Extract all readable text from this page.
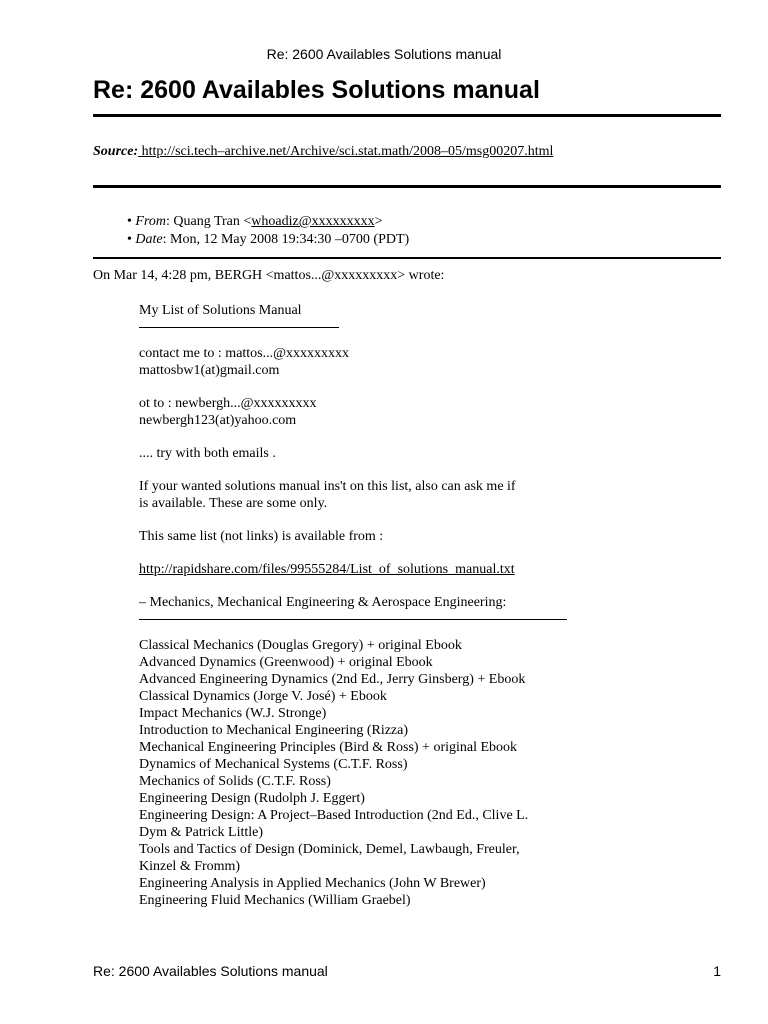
Re: 2600 Availables Solutions manual
Re: 2600 Availables Solutions manual
Source: http://sci.tech–archive.net/Archive/sci.stat.math/2008–05/msg00207.html
• From: Quang Tran <whoadiz@xxxxxxxxx>
• Date: Mon, 12 May 2008 19:34:30 –0700 (PDT)
On Mar 14, 4:28 pm, BERGH <mattos...@xxxxxxxxx> wrote:
My List of Solutions Manual
contact me to : mattos...@xxxxxxxxx
mattosbw1(at)gmail.com
ot to : newbergh...@xxxxxxxxx
newbergh123(at)yahoo.com
.... try with both emails .
If your wanted solutions manual ins't on this list, also can ask me if
is available. These are some only.
This same list (not links) is available from :
http://rapidshare.com/files/99555284/List_of_solutions_manual.txt
– Mechanics, Mechanical Engineering & Aerospace Engineering:
Classical Mechanics (Douglas Gregory) + original Ebook
Advanced Dynamics (Greenwood) + original Ebook
Advanced Engineering Dynamics (2nd Ed., Jerry Ginsberg) + Ebook
Classical Dynamics (Jorge V. José) + Ebook
Impact Mechanics (W.J. Stronge)
Introduction to Mechanical Engineering (Rizza)
Mechanical Engineering Principles (Bird & Ross) + original Ebook
Dynamics of Mechanical Systems (C.T.F. Ross)
Mechanics of Solids (C.T.F. Ross)
Engineering Design (Rudolph J. Eggert)
Engineering Design: A Project–Based Introduction (2nd Ed., Clive L.
Dym & Patrick Little)
Tools and Tactics of Design (Dominick, Demel, Lawbaugh, Freuler,
Kinzel & Fromm)
Engineering Analysis in Applied Mechanics (John W Brewer)
Engineering Fluid Mechanics (William Graebel)
Re: 2600 Availables Solutions manual	1
